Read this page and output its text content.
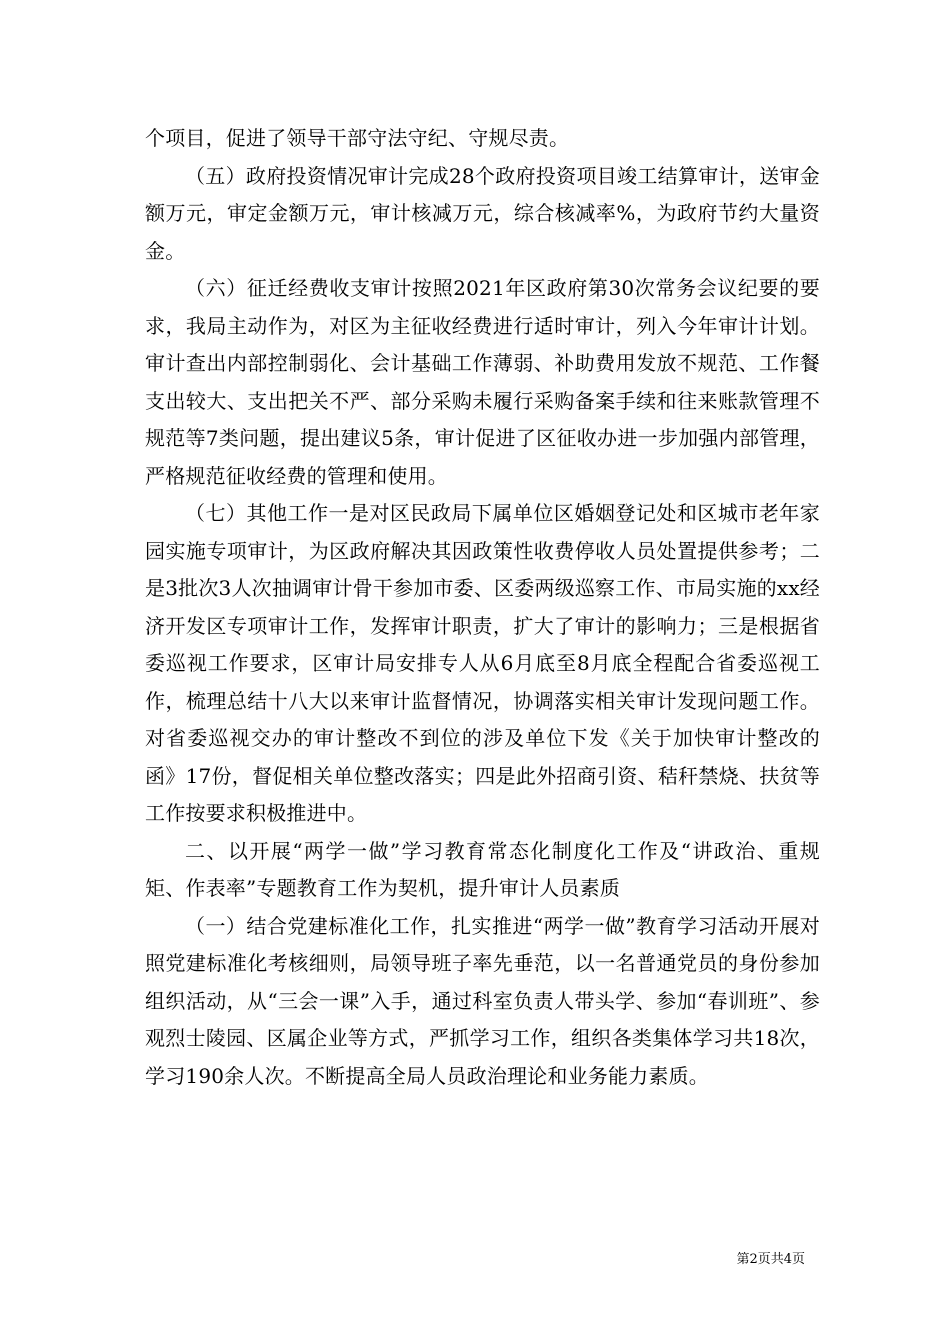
个项目，促进了领导干部守法守纪、守规尽责。

（五）政府投资情况审计完成28个政府投资项目竣工结算审计，送审金额万元，审定金额万元，审计核减万元，综合核减率%，为政府节约大量资金。

（六）征迁经费收支审计按照2021年区政府第30次常务会议纪要的要求，我局主动作为，对区为主征收经费进行适时审计，列入今年审计计划。审计查出内部控制弱化、会计基础工作薄弱、补助费用发放不规范、工作餐支出较大、支出把关不严、部分采购未履行采购备案手续和往来账款管理不规范等7类问题，提出建议5条，审计促进了区征收办进一步加强内部管理，严格规范征收经费的管理和使用。

（七）其他工作一是对区民政局下属单位区婚姻登记处和区城市老年家园实施专项审计，为区政府解决其因政策性收费停收人员处置提供参考；二是3批次3人次抽调审计骨干参加市委、区委两级巡察工作、市局实施的xx经济开发区专项审计工作，发挥审计职责，扩大了审计的影响力；三是根据省委巡视工作要求，区审计局安排专人从6月底至8月底全程配合省委巡视工作，梳理总结十八大以来审计监督情况，协调落实相关审计发现问题工作。对省委巡视交办的审计整改不到位的涉及单位下发《关于加快审计整改的函》17份，督促相关单位整改落实；四是此外招商引资、秸秆禁烧、扶贫等工作按要求积极推进中。

二、以开展“两学一做”学习教育常态化制度化工作及“讲政治、重规矩、作表率”专题教育工作为契机，提升审计人员素质

（一）结合党建标准化工作，扎实推进“两学一做”教育学习活动开展对照党建标准化考核细则，局领导班子率先垂范，以一名普通党员的身份参加组织活动，从“三会一课”入手，通过科室负责人带头学、参加“春训班”、参观烈士陵园、区属企业等方式，严抓学习工作，组织各类集体学习共18次，学习190余人次。不断提高全局人员政治理论和业务能力素质。

第2页共4页
